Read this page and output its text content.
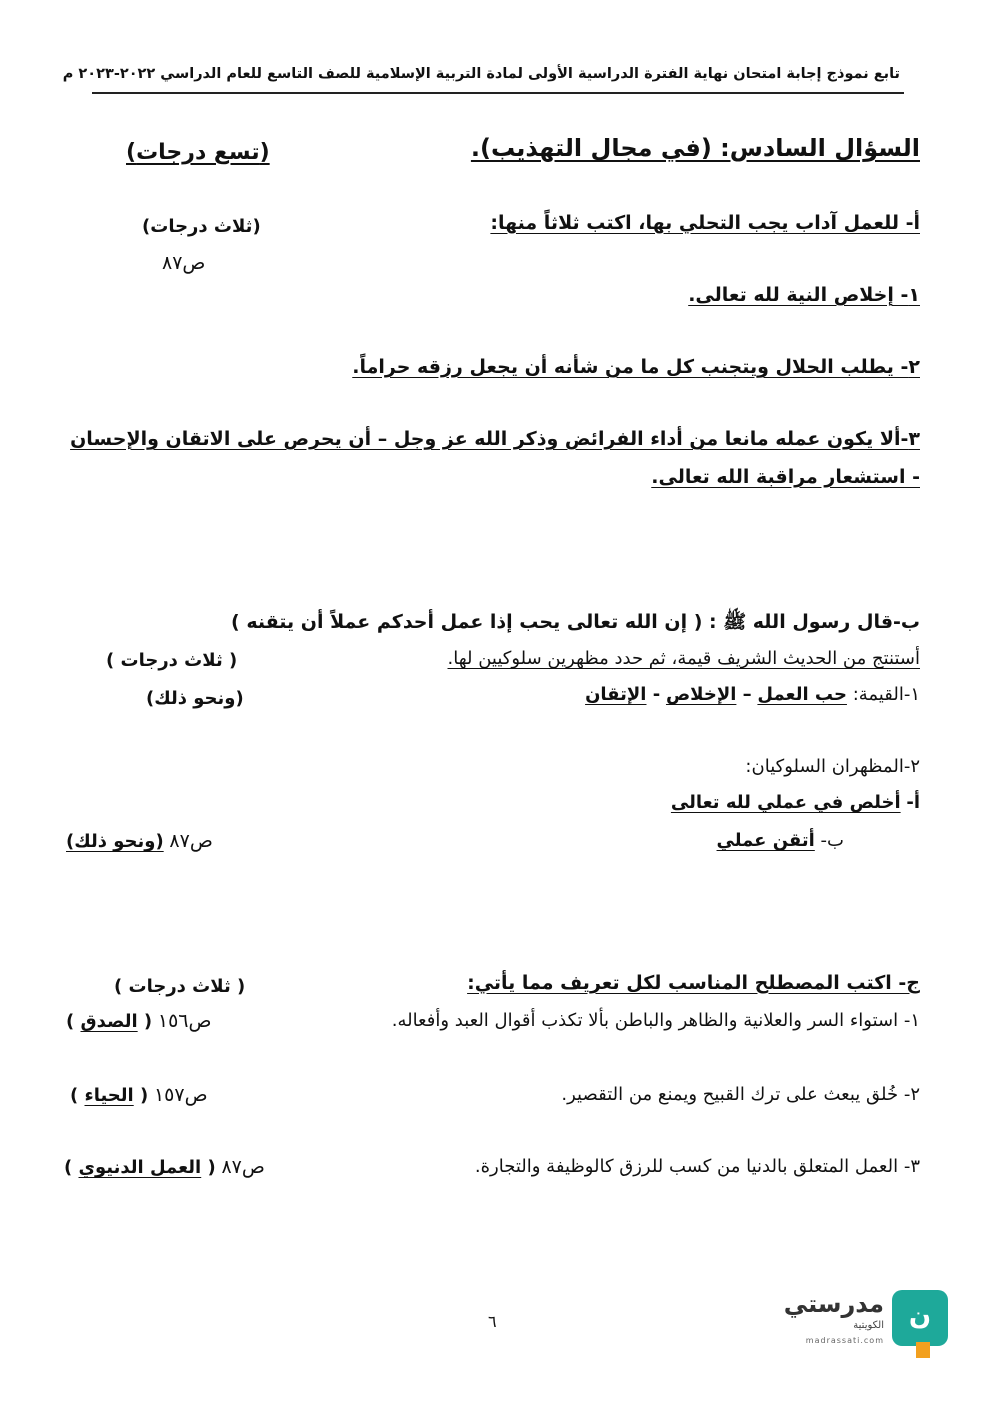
تابع نموذج إجابة امتحان نهاية الفترة الدراسية الأولى لمادة التربية الإسلامية للصف التاسع للعام الدراسي ٢٠٢٢-٢٠٢٣ م
السؤال السادس: (في مجال التهذيب).
(تسع درجات)
أ- للعمل آداب يجب التحلي بها، اكتب ثلاثاً منها:
(ثلاث درجات)
ص٨٧
١- إخلاص النية لله تعالى.
٢- يطلب الحلال ويتجنب كل ما من شأنه أن يجعل رزقه حراماً.
٣-ألا يكون عمله مانعا من أداء الفرائض وذكر الله عز وجل – أن يحرص على الاتقان والإحسان
- استشعار مراقبة الله تعالى.
ب-قال رسول الله ﷺ : ( إن الله تعالى يحب إذا عمل أحدكم عملاً أن يتقنه )
أستنتج من الحديث الشريف قيمة، ثم حدد مظهرين سلوكيين لها.
( ثلاث درجات )
(ونحو ذلك)	١-القيمة: حب العمل – الإخلاص - الإتقان
٢-المظهران السلوكيان:
أ- أخلص في عملي لله تعالى
ب- أتقن عملي
ص٨٧ (ونحو ذلك)
ج- اكتب المصطلح المناسب لكل تعريف مما يأتي:
( ثلاث درجات )
١- استواء السر والعلانية والظاهر والباطن بألا تكذب أقوال العبد وأفعاله.
ص١٥٦ ( الصدق )
٢- خُلق يبعث على ترك القبيح ويمنع من التقصير.
ص١٥٧ ( الحياء )
٣- العمل المتعلق بالدنيا من كسب للرزق كالوظيفة والتجارة.
ص٨٧ ( العمل الدنيوي )
٦	ن
مدرستي
الكويتية
madrassati.com
